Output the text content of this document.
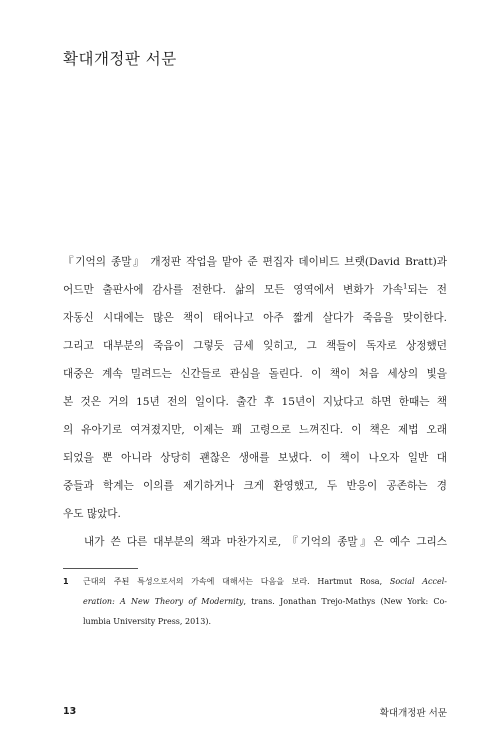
확대개정판 서문
『기억의 종말』 개정판 작업을 맡아 준 편집자 데이비드 브랫(David Bratt)과
어드만 출판사에 감사를 전한다. 삶의 모든 영역에서 변화가 가속$^1$되는 전
자동신 시대에는 많은 책이 태어나고 아주 짧게 살다가 죽음을 맞이한다.
그리고 대부분의 죽음이 그렇듯 금세 잊히고, 그 책들이 독자로 상정했던
대중은 계속 밀려드는 신간들로 관심을 돌린다. 이 책이 처음 세상의 빛을
본 것은 거의 15년 전의 일이다. 출간 후 15년이 지났다고 하면 한때는 책
의 유아기로 여겨졌지만, 이제는 꽤 고령으로 느껴진다. 이 책은 제법 오래
되었을 뿐 아니라 상당히 괜찮은 생애를 보냈다. 이 책이 나오자 일반 대
중들과 학계는 이의를 제기하거나 크게 환영했고, 두 반응이 공존하는 경
우도 많았다.
내가 쓴 다른 대부분의 책과 마찬가지로, 『기억의 종말』은 예수 그리스
1	근대의 주된 특성으로서의 가속에 대해서는 다음을 보라. Hartmut Rosa, Social Accel-
eration: A New Theory of Modernity, trans. Jonathan Trejo-Mathys (New York: Co-
lumbia University Press, 2013).
13	확대개정판 서문
